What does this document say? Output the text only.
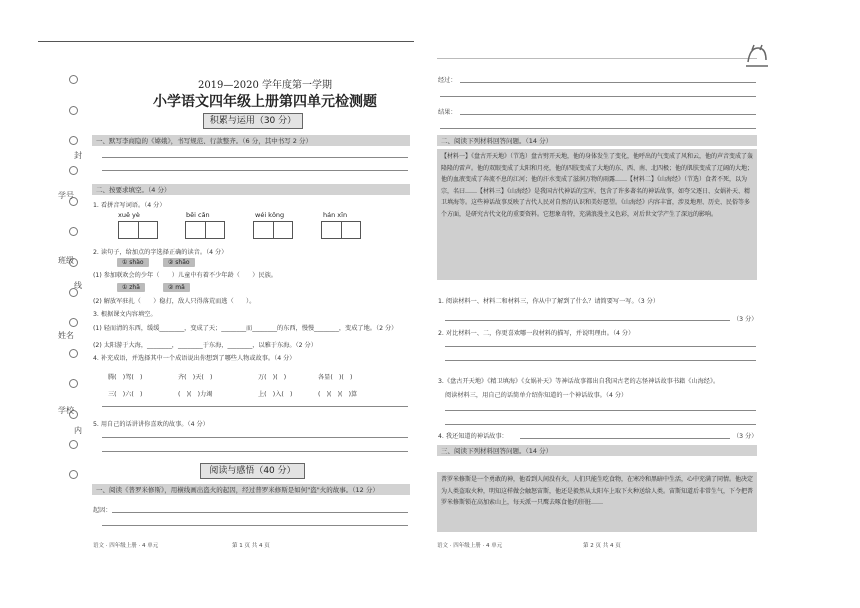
学号
班级
封
姓名
线
学校
内
2019—2020 学年度第一学期
小学语文四年级上册第四单元检测题
积累与运用（30 分）
一、默写李商隐的《嫦娥》，书写规范、行款整齐。（6 分，其中书写 2 分）
二、按要求填空。（4 分）
1. 看拼音写词语。（4 分）
xuě yè	bēi cǎn	wéi kǒng	hán xīn
2. 读句子，给加点的字选择正确的读音。（4 分）
① shào	② shāo
(1) 参加联欢会的少年（　　）儿童中有着不少年龄（　　）民族。
① zhā	② mǎ
(2) 解放军驻扎（　　）稳打，敌人只得落荒而逃（　　）。
3. 根据课文内容填空。
(1) 轻而清的东西，缓缓________，变成了天；________而________的东西，慢慢________，变成了地。（2 分）
(2) 太阳游于大海，________，________于东海，________，以雅于东海。（2 分）
4. 补充成语，并选择其中一个成语说出你想到了哪些人物或故事。（4 分）
腾(　)驾(　)	齐(　)天(　)	万(　)(　)	各显(　)(　)
三(　)六(　)	(　)(　)力竭	上(　)入(　)	(　)(　)(　)算
5. 用自己的话讲讲你喜欢的故事。（4 分）
阅读与感悟（40 分）
一、阅读《普罗米修斯》，用横线画出盗火的起因，经过普罗米修斯是如何"盗"火的故事。（12 分）
起因：
语文 · 四年级上册 · 4 单元	第 1 页 共 4 页
经过：
结果：
二、阅读下列材料回答问题。（14 分）
【材料一】《盘古开天地》（节选）盘古劈开天地，他的身体发生了变化，他呼出的气变成了风和云，他的声音变成了轰隆隆的雷声。他的双眼变成了太阳和月亮，他的四肢变成了大地的东、西、南、北四极；他的肌肤变成了辽阔的大地；他的血液变成了奔流不息的江河；他的汗水变成了滋润万物的雨露……【材料二】《山海经》（节选）食者不死，以为宗，名曰……【材料三】《山海经》是我国古代神话的宝库，包含了许多著名的神话故事，如夸父逐日、女娲补天、精卫填海等。这些神话故事反映了古代人民对自然的认识和美好愿望。《山海经》内容丰富，涉及地理、历史、民俗等多个方面，是研究古代文化的重要资料。它想象奇特，充满浪漫主义色彩，对后世文学产生了深远的影响。
1. 阅读材料一、材料二和材料三，你从中了解到了什么？请简要写一写。（3 分）
（3 分）
2. 对比材料一、二，你更喜欢哪一段材料的描写，并说明理由。（4 分）
3.《盘古开天地》《精卫填海》《女娲补天》等神话故事都出自我国古老的志怪神话故事书籍《山海经》。
阅读材料三，用自己的话简单介绍你知道的一个神话故事。（4 分）
4. 我还知道的神话故事：	（3 分）
三、阅读下列材料回答问题。（14 分）
普罗米修斯是一个勇敢的神，他看到人间没有火，人们只能生吃食物，在寒冷和黑暗中生活，心中充满了同情。他决定为人类盗取火种，明知这样做会触怒宙斯，他还是毅然从太阳车上取下火种送给人类。宙斯知道后非常生气，下令把普罗米修斯锁在高加索山上，每天派一只鹰去啄食他的肝脏……
语文 · 四年级上册 · 4 单元	第 2 页 共 4 页
